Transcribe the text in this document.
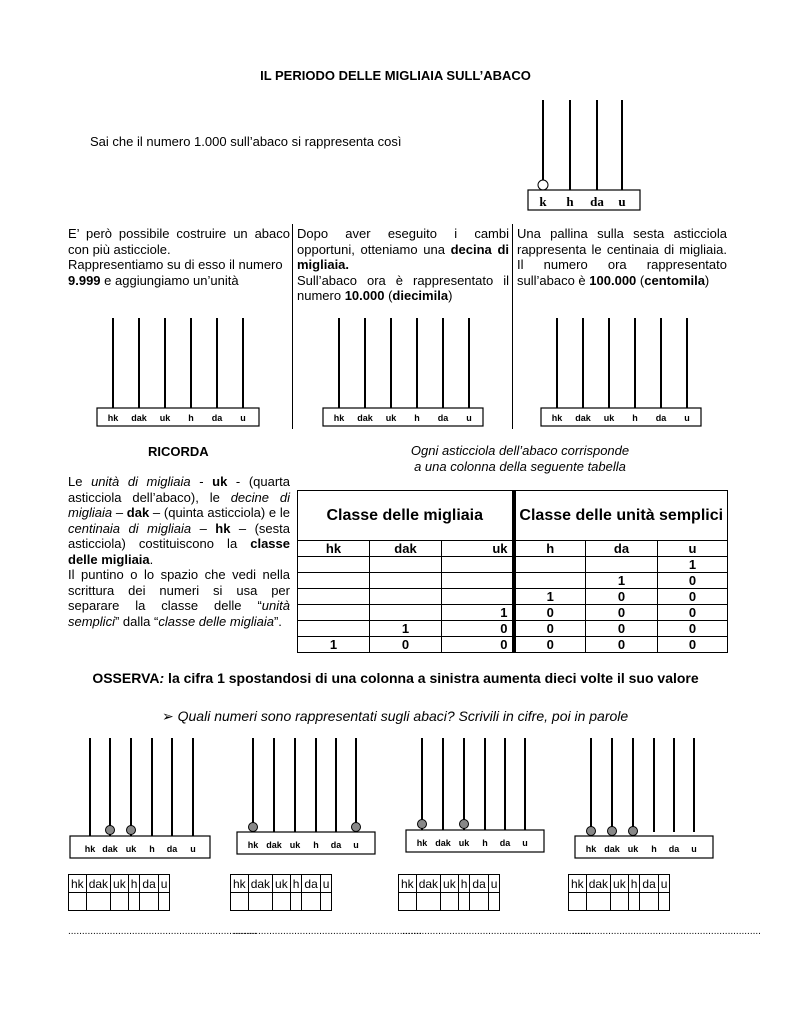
IL PERIODO DELLE MIGLIAIA SULL’ABACO
Sai che il numero 1.000 sull’abaco si rappresenta così
k h da u
E’ però possibile costruire un abaco con più asticciole.
Rappresentiamo su di esso il numero
9.999 e aggiungiamo un’unità
Dopo aver eseguito i cambi opportuni, otteniamo una decina di migliaia.
Sull’abaco ora è rappresentato il numero 10.000 (diecimila)
Una pallina sulla sesta asticciola rappresenta le centinaia di migliaia. Il numero ora rappresentato sull’abaco è 100.000 (centomila)
hk dak uk h da u	hk dak uk h da u	hk dak uk h da u
RICORDA
Le unità di migliaia - uk - (quarta asticciola dell’abaco), le decine di migliaia – dak – (quinta asticciola) e le centinaia di migliaia – hk – (sesta asticciola) costituiscono la classe delle migliaia.
Il puntino o lo spazio che vedi nella scrittura dei numeri si usa per separare la classe delle “unità semplici” dalla “classe delle migliaia”.
Ogni asticciola dell’abaco corrisponde
a una colonna della seguente tabella
Classe delle migliaia			Classe delle unità semplici		
hk	dak	uk	h	da	u
					1
				1	0
			1	0	0
		1	0	0	0
	1	0	0	0	0
1	0	0	0	0	0
OSSERVA: la cifra 1 spostandosi di una colonna a sinistra aumenta dieci volte il suo valore
➢ Quali numeri sono rappresentati sugli abaci? Scrivili in cifre, poi in parole
hk dak uk h da u	hk dak uk h da u	hk dak uk h da u
hk dak uk h da u
hk	dak	uk	h	da	u
						hk	dak	uk	h	da	u
						hk	dak	uk	h	da	u
						hk	dak	uk	h	da	u

....................................................................
....................................................................
....................................................................
....................................................................
